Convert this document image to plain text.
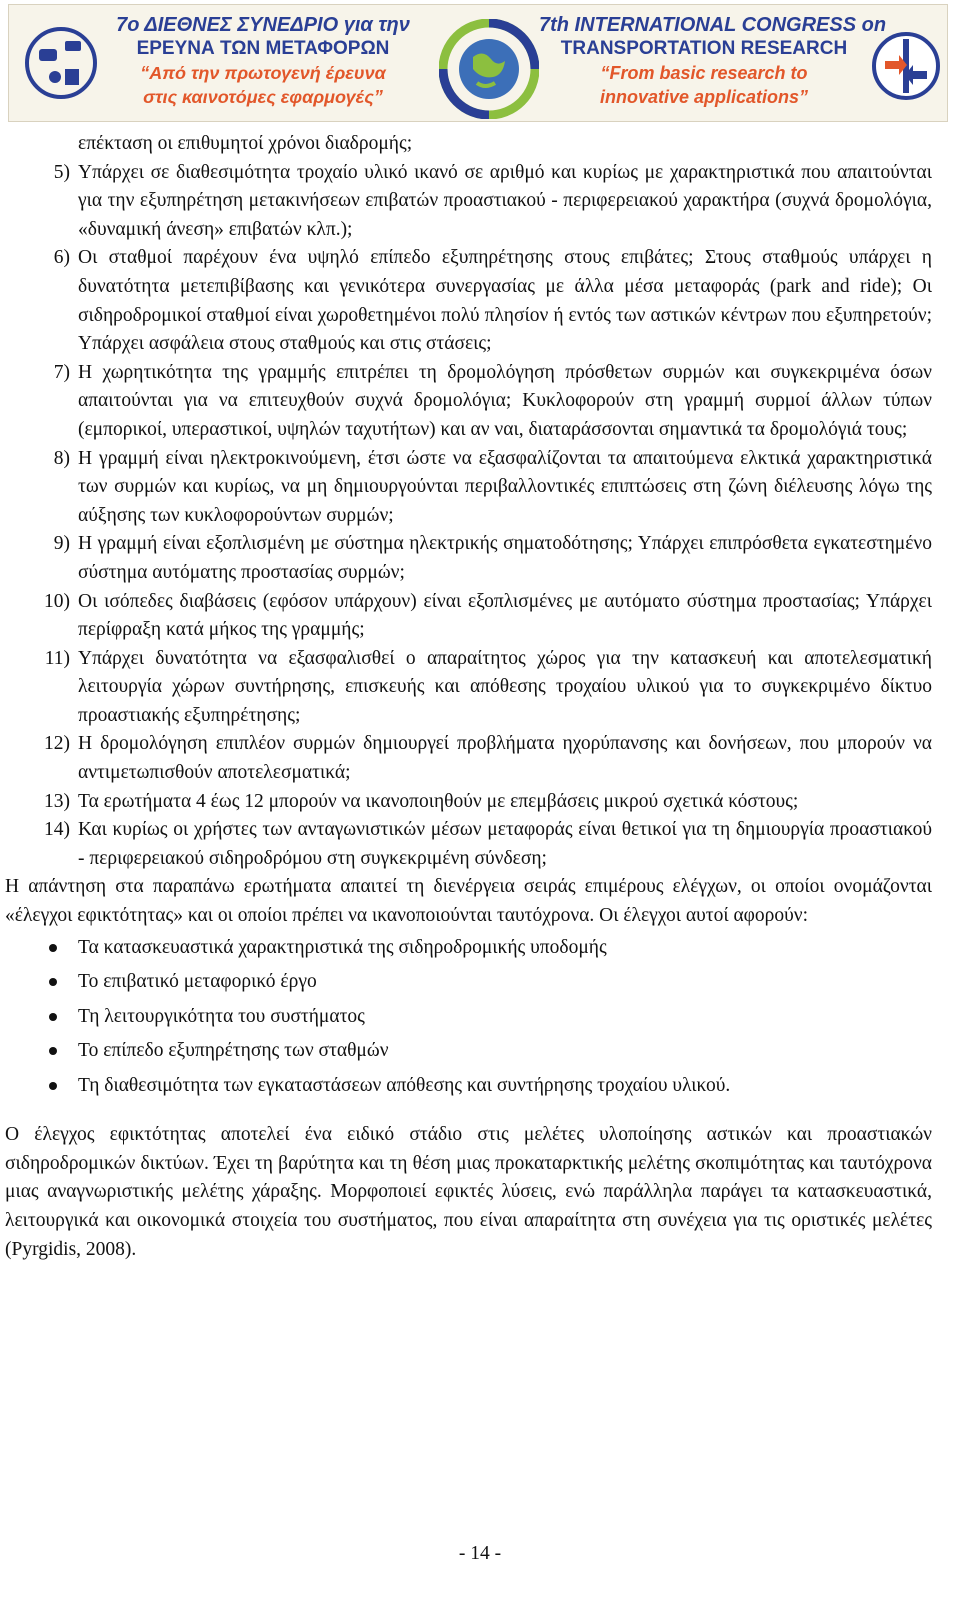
7ο ΔΙΕΘΝΕΣ ΣΥΝΕΔΡΙΟ για την
ΕΡΕΥΝΑ ΤΩΝ ΜΕΤΑΦΟΡΩΝ
“Από την πρωτογενή έρευνα
στις καινοτόμες εφαρμογές”
7th INTERNATIONAL CONGRESS on
TRANSPORTATION RESEARCH
“From basic research to
innovative applications”
επέκταση οι επιθυμητοί χρόνοι διαδρομής;
5) Υπάρχει σε διαθεσιμότητα τροχαίο υλικό ικανό σε αριθμό και κυρίως με χαρακτηριστικά που απαιτούνται για την εξυπηρέτηση μετακινήσεων επιβατών προαστιακού - περιφερειακού χαρακτήρα (συχνά δρομολόγια, «δυναμική άνεση» επιβατών κλπ.);
6) Οι σταθμοί παρέχουν ένα υψηλό επίπεδο εξυπηρέτησης στους επιβάτες; Στους σταθμούς υπάρχει η δυνατότητα μετεπιβίβασης και γενικότερα συνεργασίας με άλλα μέσα μεταφοράς (park and ride); Οι σιδηροδρομικοί σταθμοί είναι χωροθετημένοι πολύ πλησίον ή εντός των αστικών κέντρων που εξυπηρετούν; Υπάρχει ασφάλεια στους σταθμούς και στις στάσεις;
7) Η χωρητικότητα της γραμμής επιτρέπει τη δρομολόγηση πρόσθετων συρμών και συγκεκριμένα όσων απαιτούνται για να επιτευχθούν συχνά δρομολόγια; Κυκλοφορούν στη γραμμή συρμοί άλλων τύπων (εμπορικοί, υπεραστικοί, υψηλών ταχυτήτων) και αν ναι, διαταράσσονται σημαντικά τα δρομολόγιά τους;
8) Η γραμμή είναι ηλεκτροκινούμενη, έτσι ώστε να εξασφαλίζονται τα απαιτούμενα ελκτικά χαρακτηριστικά των συρμών και κυρίως, να μη δημιουργούνται περιβαλλοντικές επιπτώσεις στη ζώνη διέλευσης λόγω της αύξησης των κυκλοφορούντων συρμών;
9) Η γραμμή είναι εξοπλισμένη με σύστημα ηλεκτρικής σηματοδότησης; Υπάρχει επιπρόσθετα εγκατεστημένο σύστημα αυτόματης προστασίας συρμών;
10) Οι ισόπεδες διαβάσεις (εφόσον υπάρχουν) είναι εξοπλισμένες με αυτόματο σύστημα προστασίας; Υπάρχει περίφραξη κατά μήκος της γραμμής;
11) Υπάρχει δυνατότητα να εξασφαλισθεί ο απαραίτητος χώρος για την κατασκευή και αποτελεσματική λειτουργία χώρων συντήρησης, επισκευής και απόθεσης τροχαίου υλικού για το συγκεκριμένο δίκτυο προαστιακής εξυπηρέτησης;
12) Η δρομολόγηση επιπλέον συρμών δημιουργεί προβλήματα ηχορύπανσης και δονήσεων, που μπορούν να αντιμετωπισθούν αποτελεσματικά;
13) Τα ερωτήματα 4 έως 12 μπορούν να ικανοποιηθούν με επεμβάσεις μικρού σχετικά κόστους;
14) Και κυρίως οι χρήστες των ανταγωνιστικών μέσων μεταφοράς είναι θετικοί για τη δημιουργία προαστιακού - περιφερειακού σιδηροδρόμου στη συγκεκριμένη σύνδεση;

Η απάντηση στα παραπάνω ερωτήματα απαιτεί τη διενέργεια σειράς επιμέρους ελέγχων, οι οποίοι ονομάζονται «έλεγχοι εφικτότητας» και οι οποίοι πρέπει να ικανοποιούνται ταυτόχρονα. Οι έλεγχοι αυτοί αφορούν:

Τα κατασκευαστικά χαρακτηριστικά της σιδηροδρομικής υποδομής
Το επιβατικό μεταφορικό έργο
Τη λειτουργικότητα του συστήματος
Το επίπεδο εξυπηρέτησης των σταθμών
Τη διαθεσιμότητα των εγκαταστάσεων απόθεσης και συντήρησης τροχαίου υλικού.

Ο έλεγχος εφικτότητας αποτελεί ένα ειδικό στάδιο στις μελέτες υλοποίησης αστικών και προαστιακών σιδηροδρομικών δικτύων. Έχει τη βαρύτητα και τη θέση μιας προκαταρκτικής μελέτης σκοπιμότητας και ταυτόχρονα μιας αναγνωριστικής μελέτης χάραξης. Μορφοποιεί εφικτές λύσεις, ενώ παράλληλα παράγει τα κατασκευαστικά, λειτουργικά και οικονομικά στοιχεία του συστήματος, που είναι απαραίτητα στη συνέχεια για τις οριστικές μελέτες (Pyrgidis, 2008).

- 14 -
